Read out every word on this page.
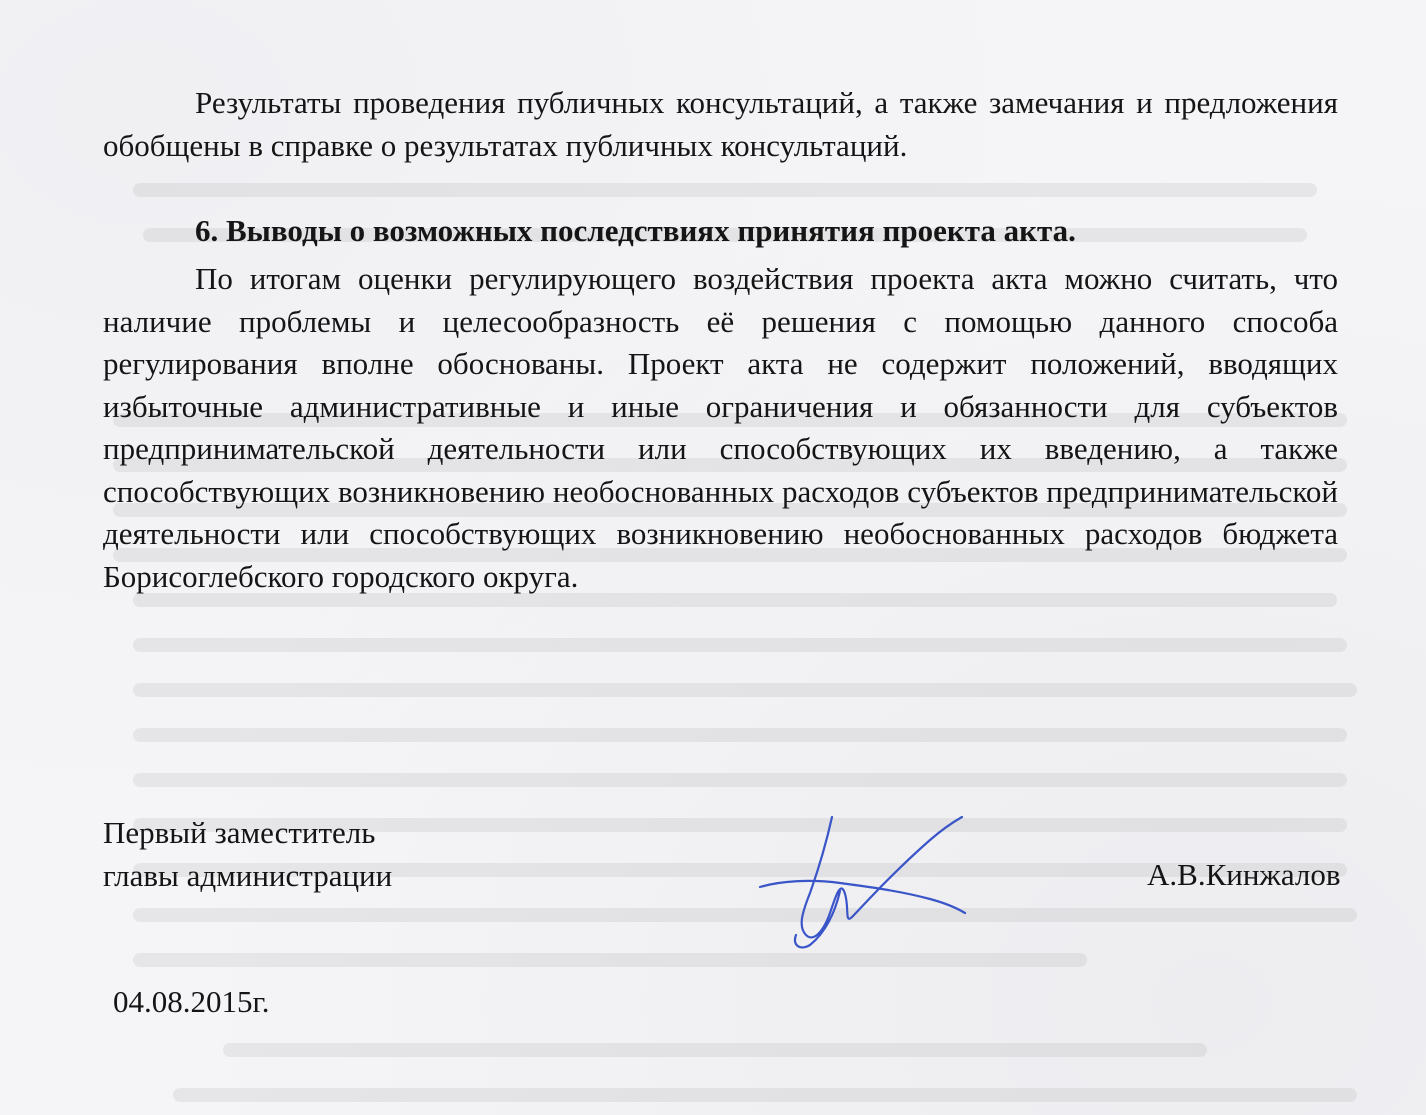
Результаты проведения публичных консультаций, а также замечания и предложения обобщены в справке о результатах публичных консультаций.

6. Выводы о возможных последствиях принятия проекта акта.

По итогам оценки регулирующего воздействия проекта акта можно считать, что наличие проблемы и целесообразность её решения с помощью данного способа регулирования вполне обоснованы. Проект акта не содержит положений, вводящих избыточные административные и иные ограничения и обязанности для субъектов предпринимательской деятельности или способствующих их введению, а также способствующих возникновению необоснованных расходов субъектов предпринимательской деятельности или способствующих возникновению необоснованных расходов бюджета Борисоглебского городского округа.

Первый заместитель
главы администрации	А.В.Кинжалов
04.08.2015г.
